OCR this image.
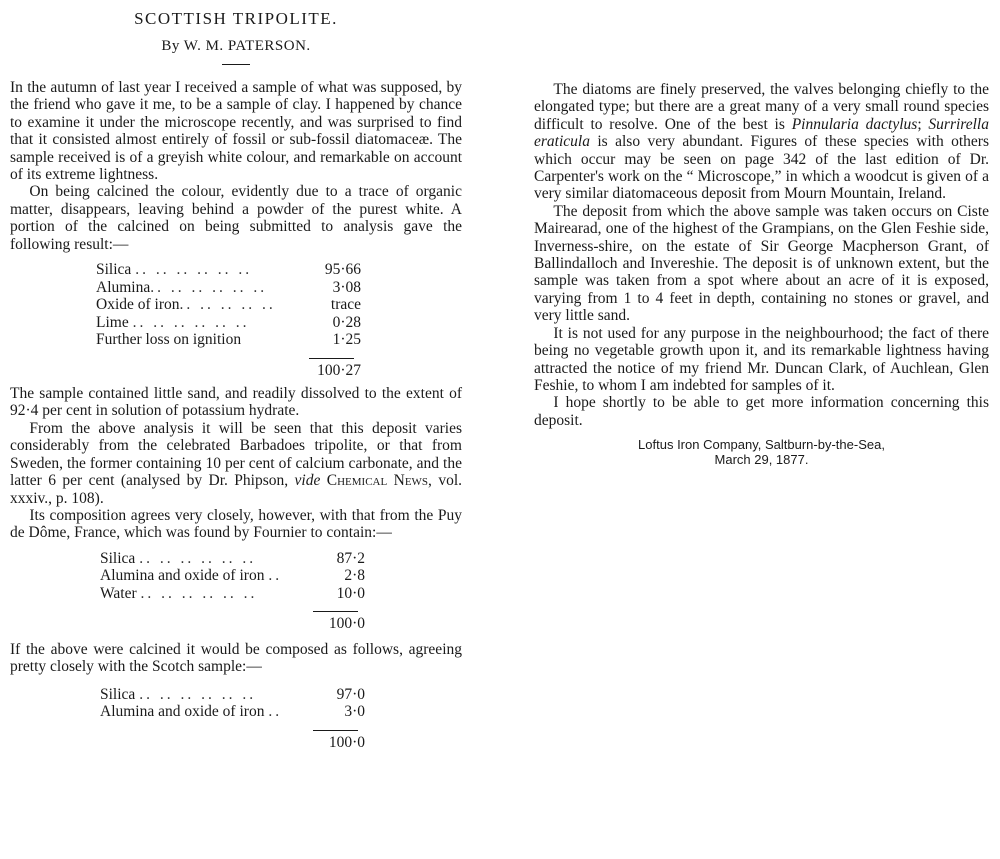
SCOTTISH TRIPOLITE.
By W. M. PATERSON.

In the autumn of last year I received a sample of what was supposed, by the friend who gave it me, to be a sample of clay. I happened by chance to examine it under the microscope recently, and was surprised to find that it consisted almost entirely of fossil or sub-fossil diatomaceæ. The sample received is of a greyish white colour, and remarkable on account of its extreme lightness.

On being calcined the colour, evidently due to a trace of organic matter, disappears, leaving behind a powder of the purest white. A portion of the calcined on being submitted to analysis gave the following result:—

Silica .. .. .. .. .. ..	95·66
Alumina.. .. .. .. .. ..	3·08
Oxide of iron.. .. .. .. ..	trace
Lime .. .. .. .. .. ..	0·28
Further loss on ignition	1·25
100·27

The sample contained little sand, and readily dissolved to the extent of 92·4 per cent in solution of potassium hydrate.

From the above analysis it will be seen that this deposit varies considerably from the celebrated Barbadoes tripolite, or that from Sweden, the former containing 10 per cent of calcium carbonate, and the latter 6 per cent (analysed by Dr. Phipson, vide Chemical News, vol. xxxiv., p. 108).

Its composition agrees very closely, however, with that from the Puy de Dôme, France, which was found by Fournier to contain:—

Silica .. .. .. .. .. ..	87·2
Alumina and oxide of iron ..	2·8
Water .. .. .. .. .. ..	10·0
100·0

If the above were calcined it would be composed as follows, agreeing pretty closely with the Scotch sample:—

Silica .. .. .. .. .. ..	97·0
Alumina and oxide of iron ..	3·0
100·0

The diatoms are finely preserved, the valves belonging chiefly to the elongated type; but there are a great many of a very small round species difficult to resolve. One of the best is Pinnularia dactylus; Surrirella eraticula is also very abundant. Figures of these species with others which occur may be seen on page 342 of the last edition of Dr. Carpenter's work on the “ Microscope,” in which a woodcut is given of a very similar diatomaceous deposit from Mourn Mountain, Ireland.

The deposit from which the above sample was taken occurs on Ciste Mairearad, one of the highest of the Grampians, on the Glen Feshie side, Inverness-shire, on the estate of Sir George Macpherson Grant, of Ballindalloch and Invereshie. The deposit is of unknown extent, but the sample was taken from a spot where about an acre of it is exposed, varying from 1 to 4 feet in depth, containing no stones or gravel, and very little sand.

It is not used for any purpose in the neighbourhood; the fact of there being no vegetable growth upon it, and its remarkable lightness having attracted the notice of my friend Mr. Duncan Clark, of Auchlean, Glen Feshie, to whom I am indebted for samples of it.

I hope shortly to be able to get more information concerning this deposit.

Loftus Iron Company, Saltburn-by-the-Sea,
March 29, 1877.
